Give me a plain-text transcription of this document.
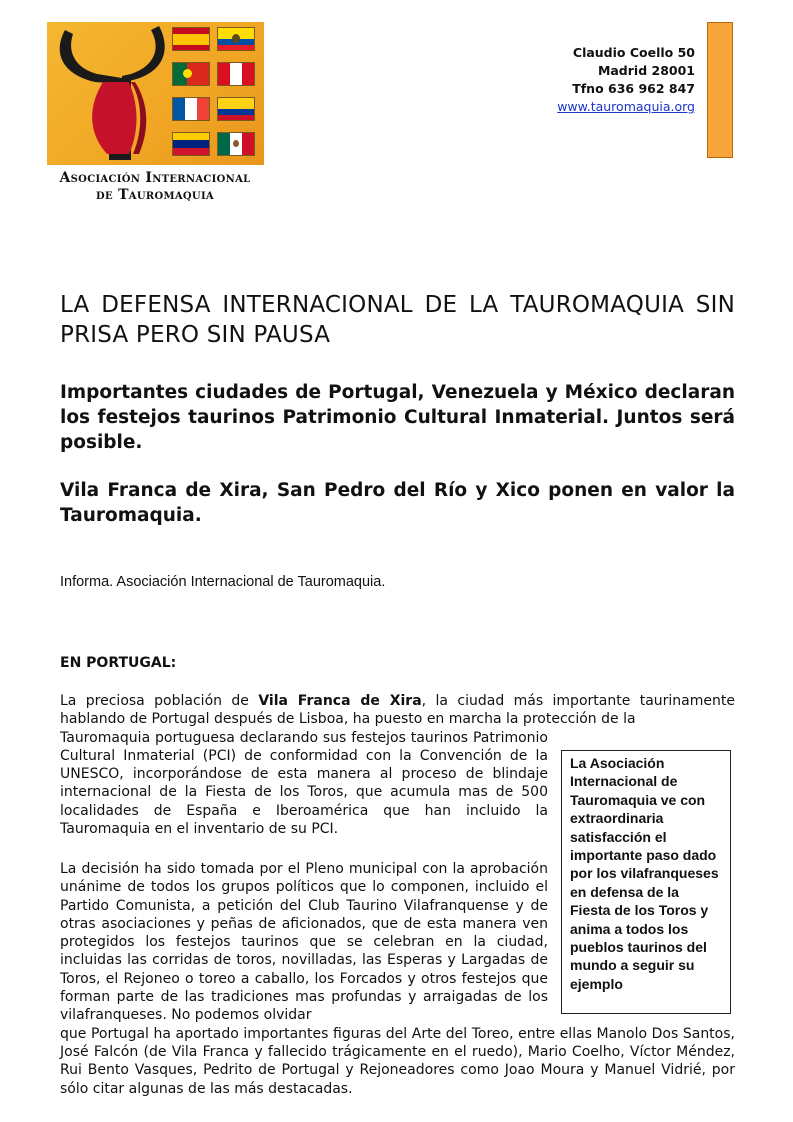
Asociación Internacional
de Tauromaquia
Claudio Coello 50
Madrid 28001
Tfno 636 962 847
www.tauromaquia.org
LA DEFENSA INTERNACIONAL DE LA TAUROMAQUIA SIN PRISA PERO SIN PAUSA
Importantes ciudades de Portugal, Venezuela y México declaran los festejos taurinos Patrimonio Cultural Inmaterial. Juntos será posible.
Vila Franca de Xira, San Pedro del Río y Xico ponen en valor la Tauromaquia.
Informa. Asociación Internacional de Tauromaquia.
EN PORTUGAL:

La preciosa población de Vila Franca de Xira, la ciudad más importante taurinamente hablando de Portugal después de Lisboa, ha puesto en marcha la protección de la

Tauromaquia portuguesa declarando sus festejos taurinos Patrimonio Cultural Inmaterial (PCI) de conformidad con la Convención de la UNESCO, incorporándose de esta manera al proceso de blindaje internacional de la Fiesta de los Toros, que acumula mas de 500 localidades de España e Iberoamérica que han incluido la Tauromaquia en el inventario de su PCI.

La decisión ha sido tomada por el Pleno municipal con la aprobación unánime de todos los grupos políticos que lo componen, incluido el Partido Comunista, a petición del Club Taurino Vilafranquense y de otras asociaciones y peñas de aficionados, que de esta manera ven protegidos los festejos taurinos que se celebran en la ciudad, incluidas las corridas de toros, novilladas, las Esperas y Largadas de Toros, el Rejoneo o toreo a caballo, los Forcados y otros festejos que forman parte de las tradiciones mas profundas y arraigadas de los vilafranqueses. No podemos olvidar

que Portugal ha aportado importantes figuras del Arte del Toreo, entre ellas Manolo Dos Santos, José Falcón (de Vila Franca y fallecido trágicamente en el ruedo), Mario Coelho, Víctor Méndez, Rui Bento Vasques, Pedrito de Portugal y Rejoneadores como Joao Moura y Manuel Vidrié, por sólo citar algunas de las más destacadas.

La Asociación Internacional de Tauromaquia ve con extraordinaria satisfacción el importante paso dado por los vilafranqueses en defensa de la Fiesta de los Toros y anima a todos los pueblos taurinos del mundo a seguir su ejemplo
